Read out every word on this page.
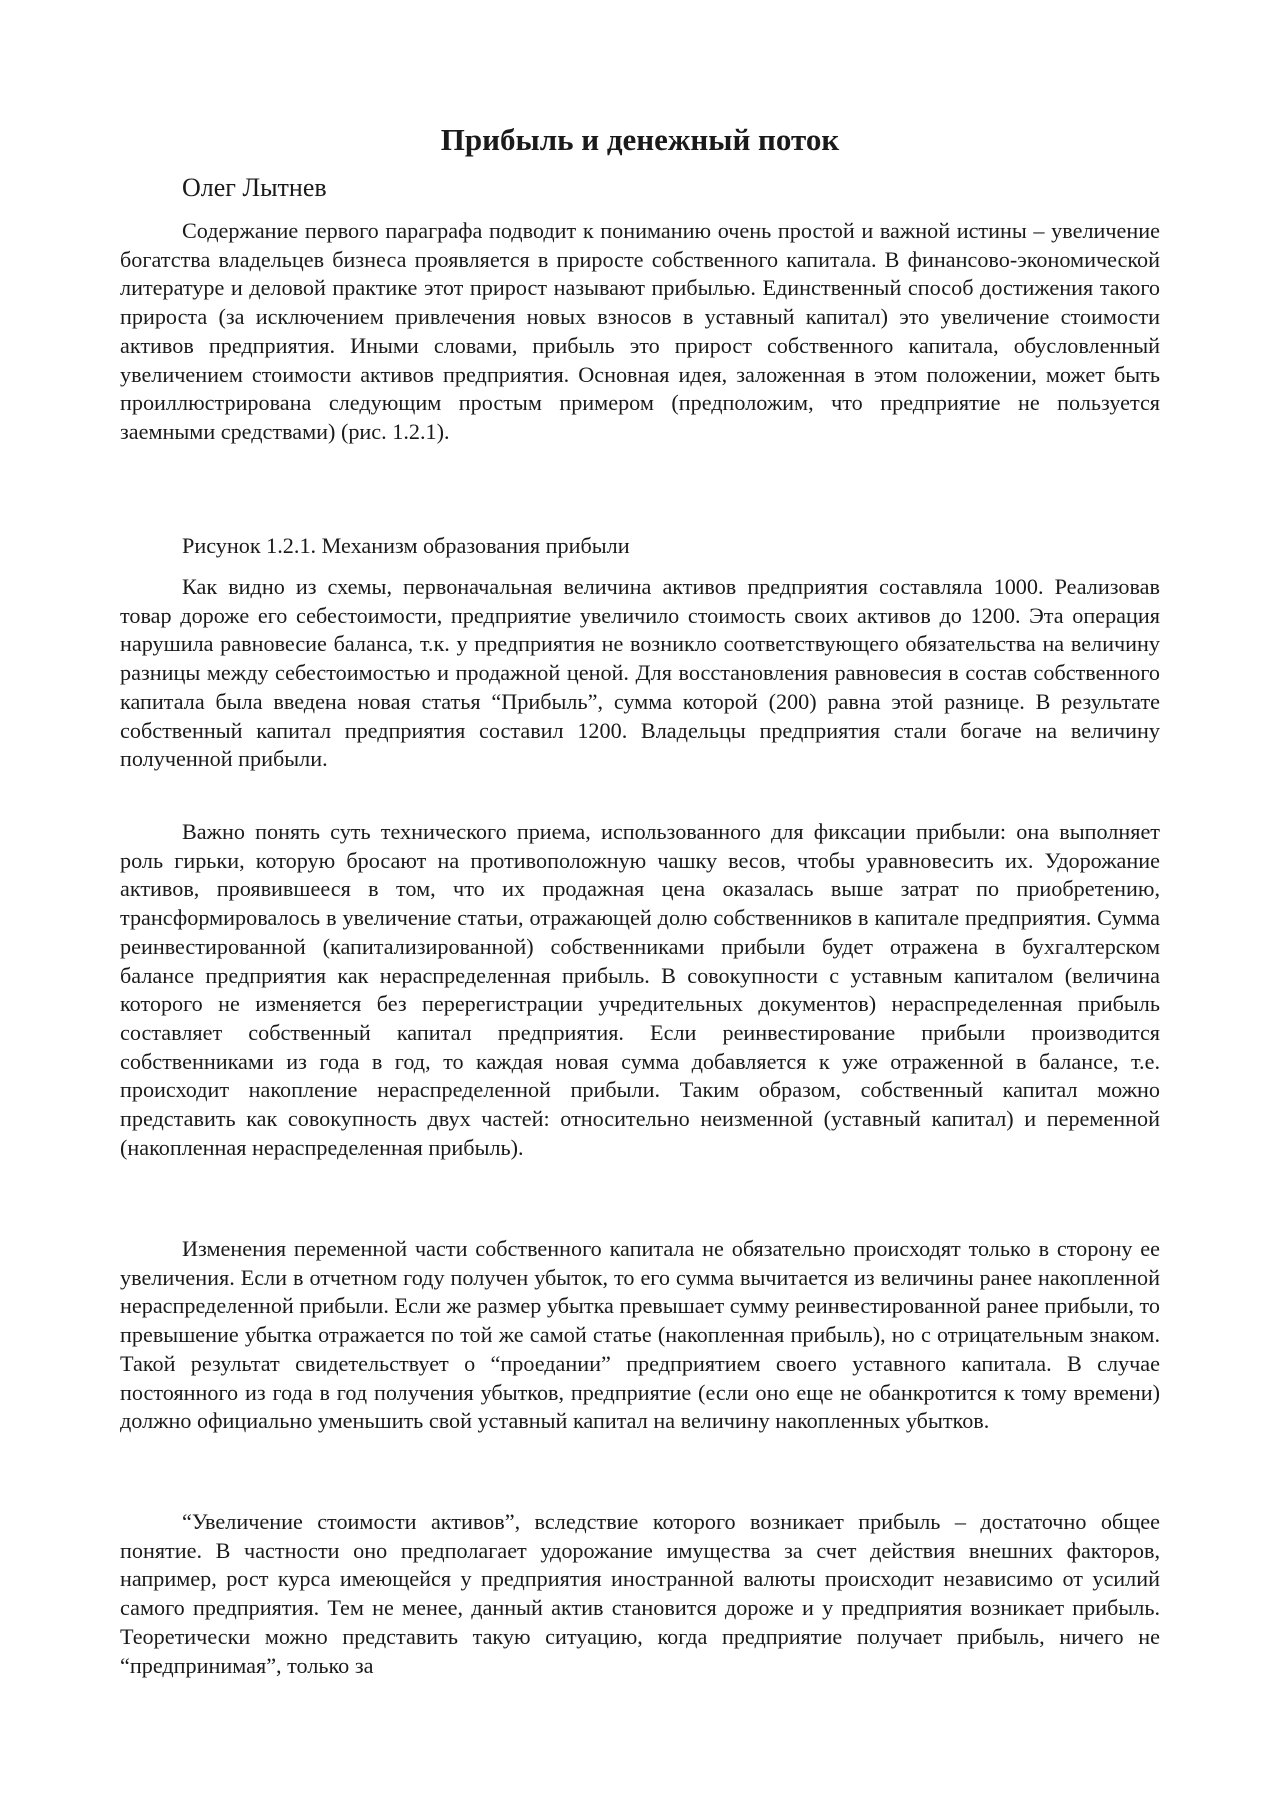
Прибыль и денежный поток
Олег Лытнев

Содержание первого параграфа подводит к пониманию очень простой и важной истины – увеличение богатства владельцев бизнеса проявляется в приросте собственного капитала. В финансово-экономической литературе и деловой практике этот прирост называют прибылью. Единственный способ достижения такого прироста (за исключением привлечения новых взносов в уставный капитал) это увеличение стоимости активов предприятия. Иными словами, прибыль это прирост собственного капитала, обусловленный увеличением стоимости активов предприятия. Основная идея, заложенная в этом положении, может быть проиллюстрирована следующим простым примером (предположим, что предприятие не пользуется заемными средствами) (рис. 1.2.1).

Рисунок 1.2.1. Механизм образования прибыли

Как видно из схемы, первоначальная величина активов предприятия составляла 1000. Реализовав товар дороже его себестоимости, предприятие увеличило стоимость своих активов до 1200. Эта операция нарушила равновесие баланса, т.к. у предприятия не возникло соответствующего обязательства на величину разницы между себестоимостью и продажной ценой. Для восстановления равновесия в состав собственного капитала была введена новая статья “Прибыль”, сумма которой (200) равна этой разнице. В результате собственный капитал предприятия составил 1200. Владельцы предприятия стали богаче на величину полученной прибыли.

Важно понять суть технического приема, использованного для фиксации прибыли: она выполняет роль гирьки, которую бросают на противоположную чашку весов, чтобы уравновесить их. Удорожание активов, проявившееся в том, что их продажная цена оказалась выше затрат по приобретению, трансформировалось в увеличение статьи, отражающей долю собственников в капитале предприятия. Сумма реинвестированной (капитализированной) собственниками прибыли будет отражена в бухгалтерском балансе предприятия как нераспределенная прибыль. В совокупности с уставным капиталом (величина которого не изменяется без перерегистрации учредительных документов) нераспределенная прибыль составляет собственный капитал предприятия. Если реинвестирование прибыли производится собственниками из года в год, то каждая новая сумма добавляется к уже отраженной в балансе, т.е. происходит накопление нераспределенной прибыли. Таким образом, собственный капитал можно представить как совокупность двух частей: относительно неизменной (уставный капитал) и переменной (накопленная нераспределенная прибыль).

Изменения переменной части собственного капитала не обязательно происходят только в сторону ее увеличения. Если в отчетном году получен убыток, то его сумма вычитается из величины ранее накопленной нераспределенной прибыли. Если же размер убытка превышает сумму реинвестированной ранее прибыли, то превышение убытка отражается по той же самой статье (накопленная прибыль), но с отрицательным знаком. Такой результат свидетельствует о “проедании” предприятием своего уставного капитала. В случае постоянного из года в год получения убытков, предприятие (если оно еще не обанкротится к тому времени) должно официально уменьшить свой уставный капитал на величину накопленных убытков.

“Увеличение стоимости активов”, вследствие которого возникает прибыль – достаточно общее понятие. В частности оно предполагает удорожание имущества за счет действия внешних факторов, например, рост курса имеющейся у предприятия иностранной валюты происходит независимо от усилий самого предприятия. Тем не менее, данный актив становится дороже и у предприятия возникает прибыль. Теоретически можно представить такую ситуацию, когда предприятие получает прибыль, ничего не “предпринимая”, только за
